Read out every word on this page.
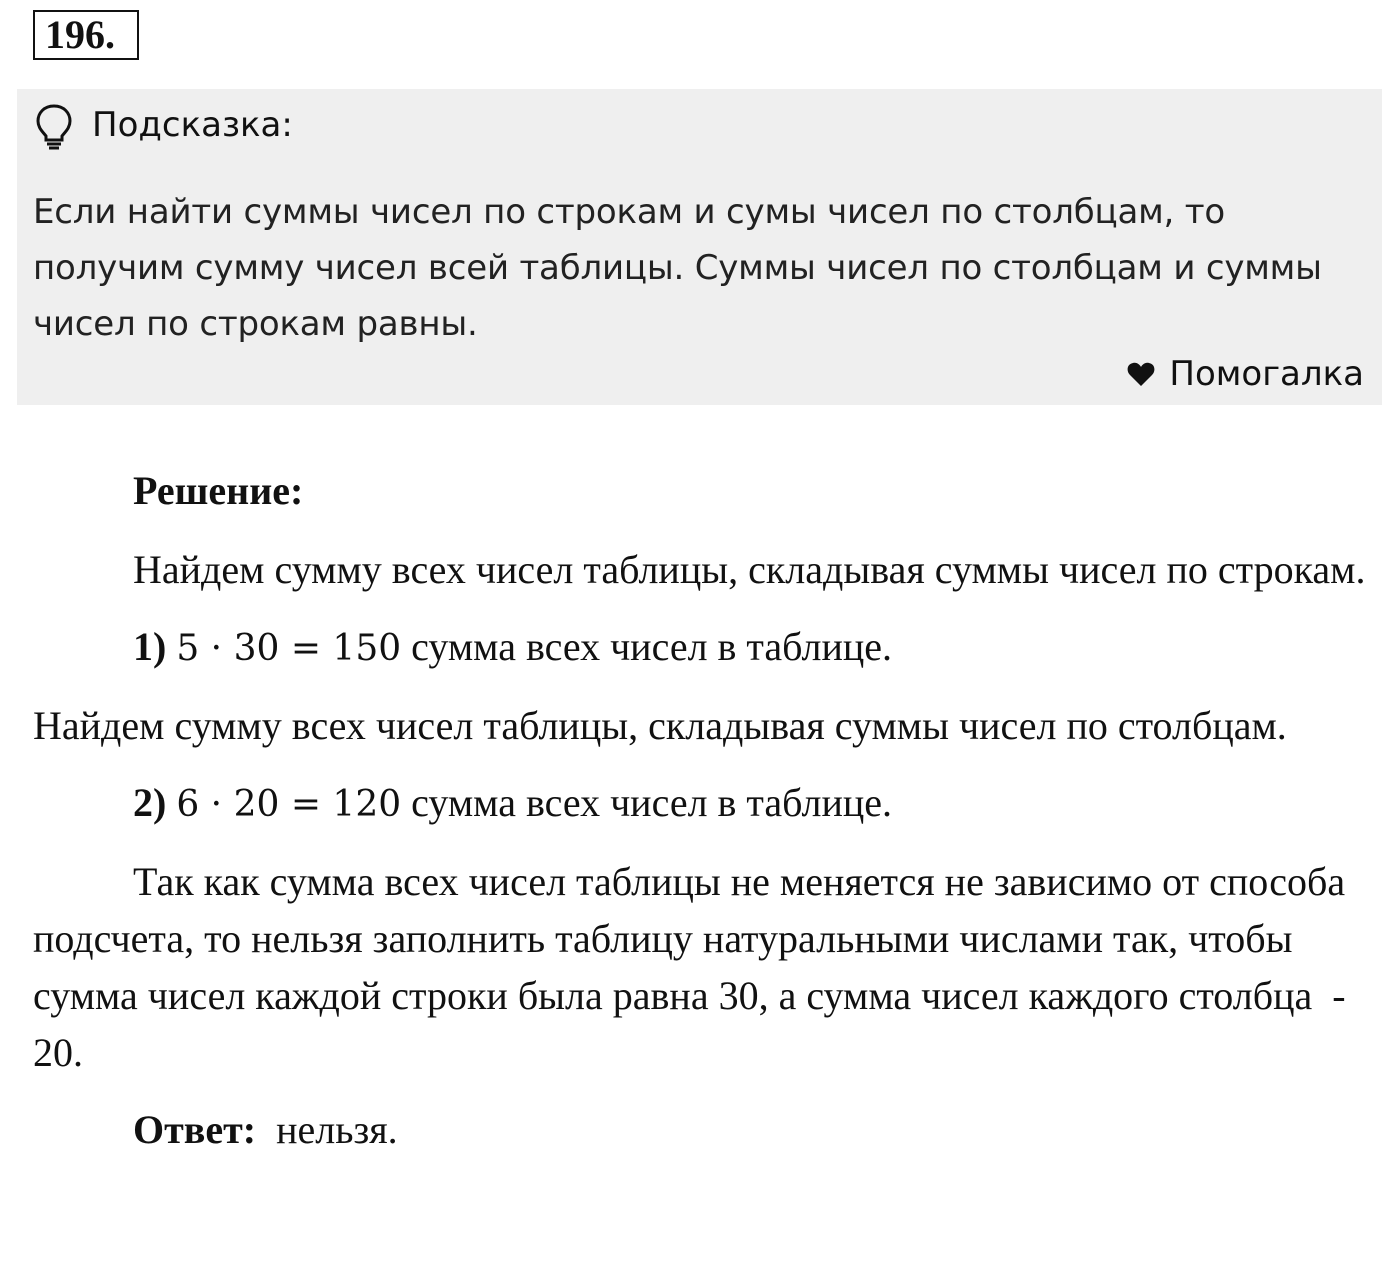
196.
Подсказка:
Если найти суммы чисел по строкам и сумы чисел по столбцам, то получим сумму чисел всей таблицы. Суммы чисел по столбцам и суммы чисел по строкам равны.
Помогалка

Решение:

Найдем сумму всех чисел таблицы, складывая суммы чисел по строкам.

1) 5 · 30 = 150 сумма всех чисел в таблице.

Найдем сумму всех чисел таблицы, складывая суммы чисел по столбцам.

2) 6 · 20 = 120 сумма всех чисел в таблице.

Так как сумма всех чисел таблицы не меняется не зависимо от способа  подсчета, то нельзя заполнить таблицу натуральными числами так, чтобы сумма чисел каждой строки была равна 30, а сумма чисел каждого столбца  - 20.

Ответ: нельзя.
